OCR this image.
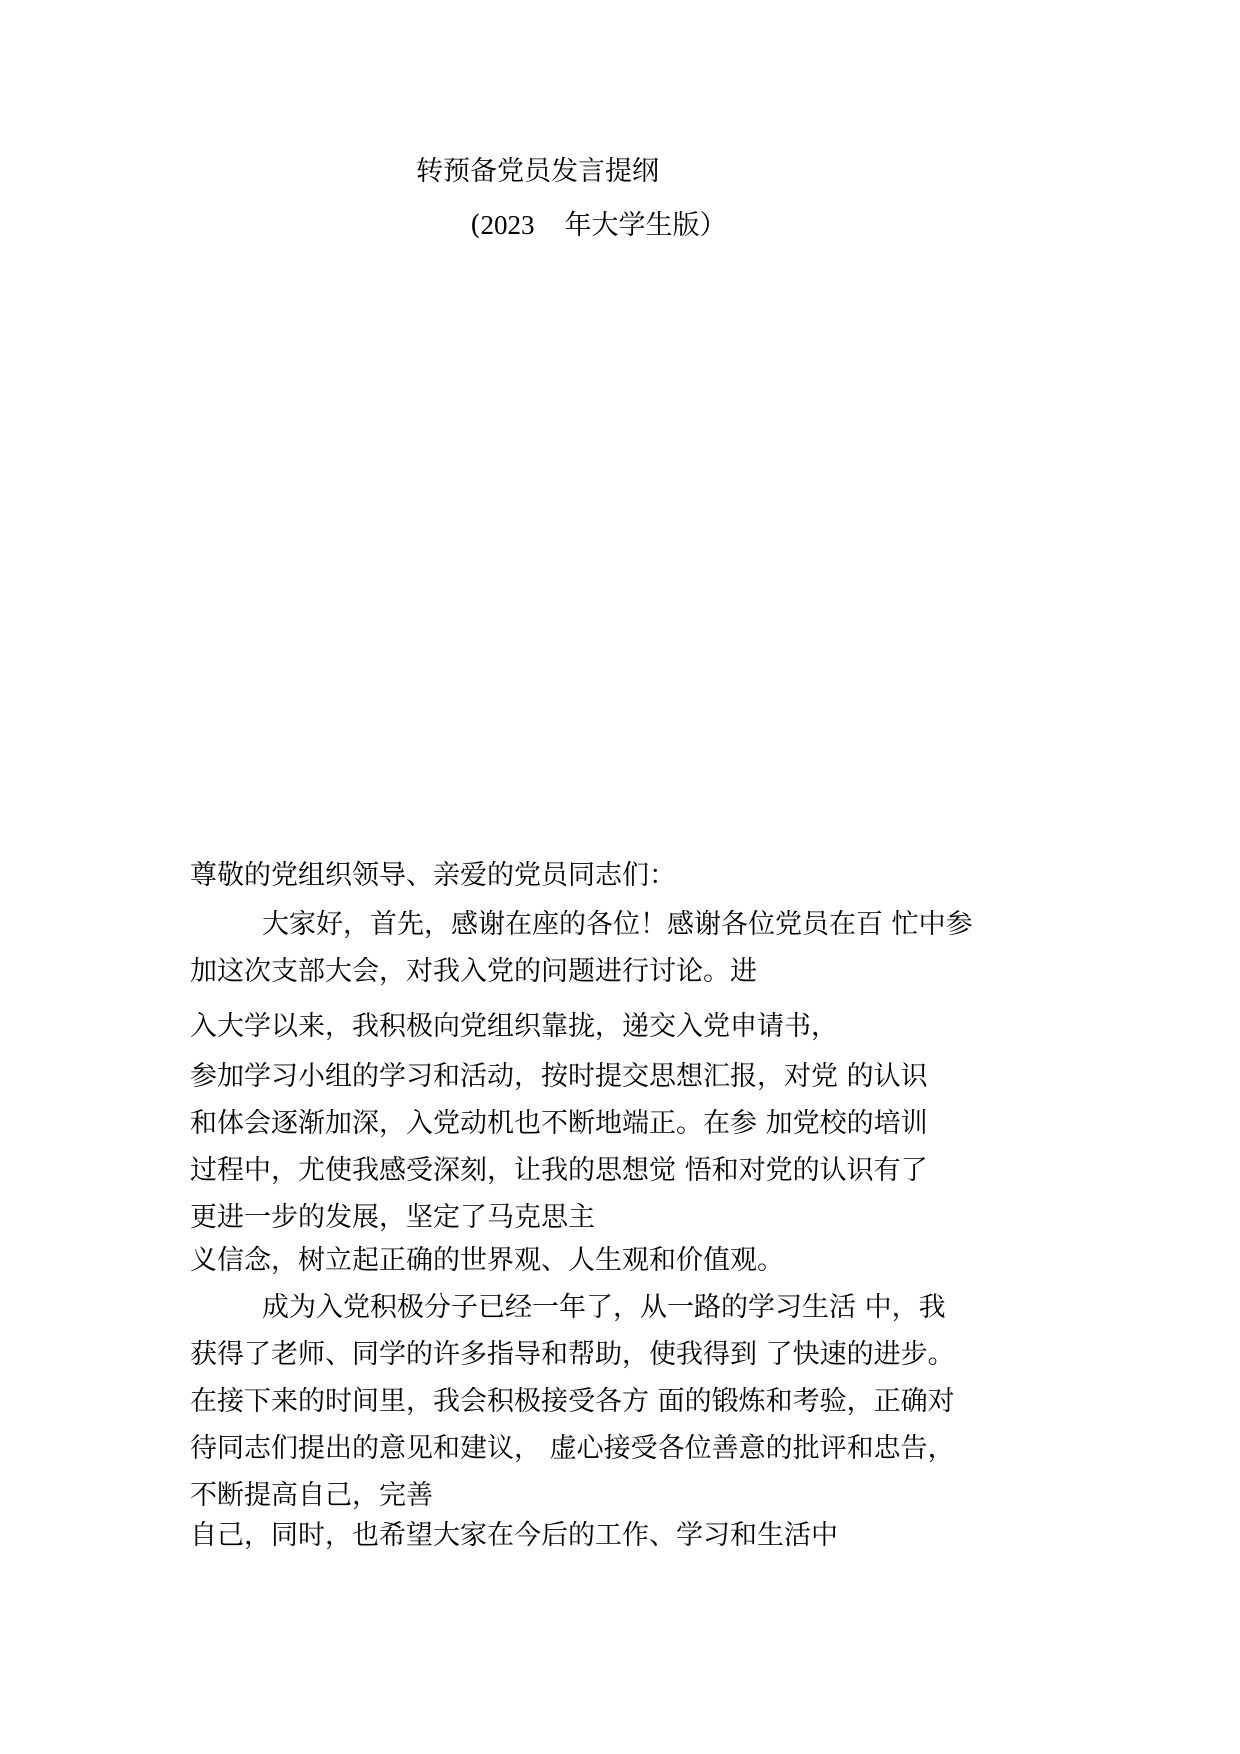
转预备党员发言提纲
(2023 年大学生版）

尊敬的党组织领导、亲爱的党员同志们：

大家好，首先，感谢在座的各位！感谢各位党员在百 忙中参
加这次支部大会，对我入党的问题进行讨论。进

入大学以来，我积极向党组织靠拢，递交入党申请书，

参加学习小组的学习和活动，按时提交思想汇报，对党 的认识
和体会逐渐加深，入党动机也不断地端正。在参 加党校的培训
过程中，尤使我感受深刻，让我的思想觉 悟和对党的认识有了
更进一步的发展，坚定了马克思主

义信念，树立起正确的世界观、人生观和价值观。
成为入党积极分子已经一年了，从一路的学习生活 中，我
获得了老师、同学的许多指导和帮助，使我得到 了快速的进步。
在接下来的时间里，我会积极接受各方 面的锻炼和考验，正确对
待同志们提出的意见和建议， 虚心接受各位善意的批评和忠告，
不断提高自己，完善

自己，同时，也希望大家在今后的工作、学习和生活中
